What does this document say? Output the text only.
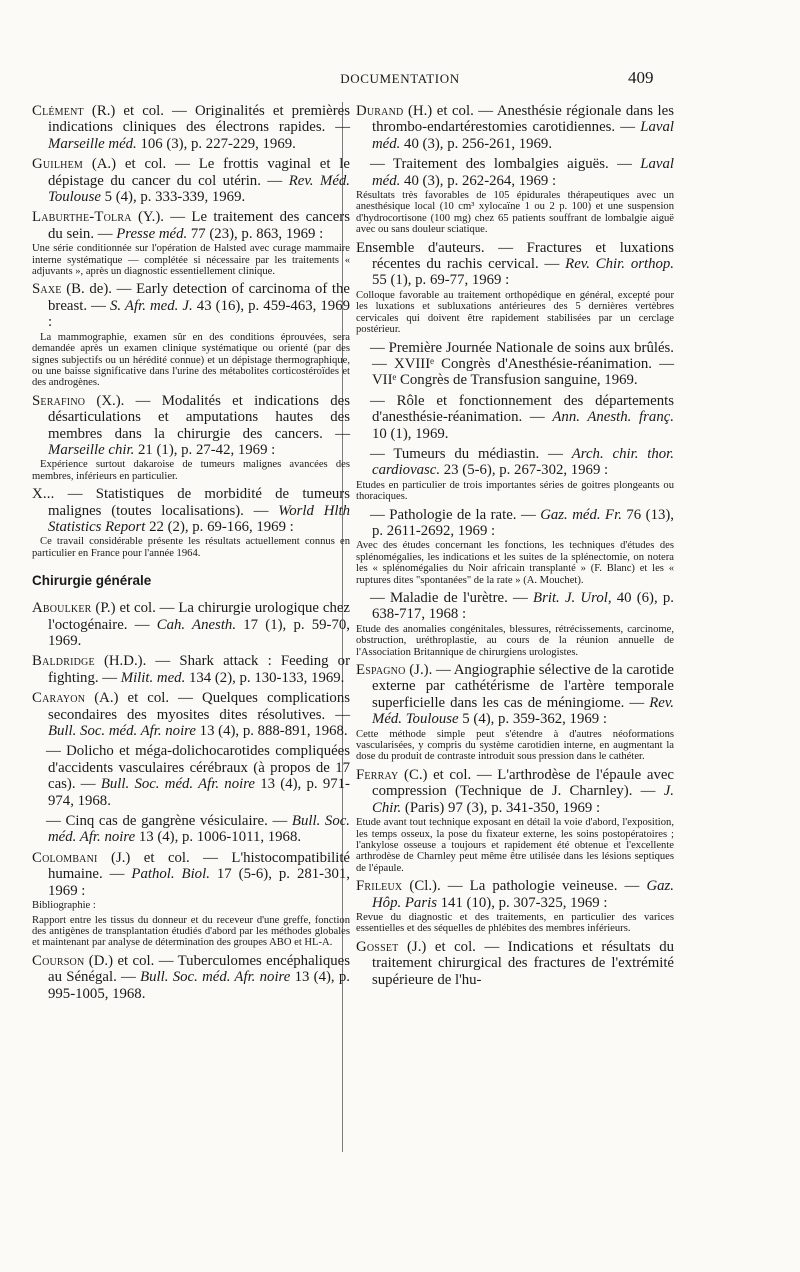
DOCUMENTATION	409
Clément (R.) et col. — Originalités et premières indications cliniques des électrons rapides. — Marseille méd. 106 (3), p. 227-229, 1969.
Guilhem (A.) et col. — Le frottis vaginal et le dépistage du cancer du col utérin. — Rev. Méd. Toulouse 5 (4), p. 333-339, 1969.
Laburthe-Tolra (Y.). — Le traitement des cancers du sein. — Presse méd. 77 (23), p. 863, 1969 :
Une série conditionnée sur l'opération de Halsted avec curage mammaire interne systématique — complétée si nécessaire par les traitements « adjuvants », après un diagnostic essentiellement clinique.
Saxe (B. de). — Early detection of carcinoma of the breast. — S. Afr. med. J. 43 (16), p. 459-463, 1969 :
La mammographie, examen sûr en des conditions éprouvées, sera demandée après un examen clinique systématique ou orienté (par des signes subjectifs ou un hérédité connue) et un dépistage thermographique, ou une baisse significative dans l'urine des métabolites corticostéroïdes et des androgènes.
Serafino (X.). — Modalités et indications des désarticulations et amputations hautes des membres dans la chirurgie des cancers. — Marseille chir. 21 (1), p. 27-42, 1969 :
Expérience surtout dakaroise de tumeurs malignes avancées des membres, inférieurs en particulier.
X... — Statistiques de morbidité de tumeurs malignes (toutes localisations). — World Hlth Statistics Report 22 (2), p. 69-166, 1969 :
Ce travail considérable présente les résultats actuellement connus en particulier en France pour l'année 1964.
Chirurgie générale
Aboulker (P.) et col. — La chirurgie urologique chez l'octogénaire. — Cah. Anesth. 17 (1), p. 59-70, 1969.
Baldridge (H.D.). — Shark attack : Feeding or fighting. — Milit. med. 134 (2), p. 130-133, 1969.
Carayon (A.) et col. — Quelques complications secondaires des myosites dites résolutives. — Bull. Soc. méd. Afr. noire 13 (4), p. 888-891, 1968.
— Dolicho et méga-dolichocarotides compliquées d'accidents vasculaires cérébraux (à propos de 17 cas). — Bull. Soc. méd. Afr. noire 13 (4), p. 971-974, 1968.
— Cinq cas de gangrène vésiculaire. — Bull. Soc. méd. Afr. noire 13 (4), p. 1006-1011, 1968.
Colombani (J.) et col. — L'histocompatibilité humaine. — Pathol. Biol. 17 (5-6), p. 281-301, 1969 :
Bibliographie :
Rapport entre les tissus du donneur et du receveur d'une greffe, fonction des antigènes de transplantation étudiés d'abord par les méthodes globales et maintenant par analyse de détermination des groupes ABO et HL-A.
Courson (D.) et col. — Tuberculomes encéphaliques au Sénégal. — Bull. Soc. méd. Afr. noire 13 (4), p. 995-1005, 1968.
Durand (H.) et col. — Anesthésie régionale dans les thrombo-endartérestomies carotidiennes. — Laval méd. 40 (3), p. 256-261, 1969.
— Traitement des lombalgies aiguës. — Laval méd. 40 (3), p. 262-264, 1969 :
Résultats très favorables de 105 épidurales thérapeutiques avec un anesthésique local (10 cm³ xylocaïne 1 ou 2 p. 100) et une suspension d'hydrocortisone (100 mg) chez 65 patients souffrant de lombalgie aiguë avec ou sans douleur sciatique.
Ensemble d'auteurs. — Fractures et luxations récentes du rachis cervical. — Rev. Chir. orthop. 55 (1), p. 69-77, 1969 :
Colloque favorable au traitement orthopédique en général, excepté pour les luxations et subluxations antérieures des 5 dernières vertèbres cervicales qui doivent être rapidement stabilisées par un cerclage postérieur.
— Première Journée Nationale de soins aux brûlés. — XVIIIᵉ Congrès d'Anesthésie-réanimation. — VIIᵉ Congrès de Transfusion sanguine, 1969.
— Rôle et fonctionnement des départements d'anesthésie-réanimation. — Ann. Anesth. franç. 10 (1), 1969.
— Tumeurs du médiastin. — Arch. chir. thor. cardiovasc. 23 (5-6), p. 267-302, 1969 :
Etudes en particulier de trois importantes séries de goitres plongeants ou thoraciques.
— Pathologie de la rate. — Gaz. méd. Fr. 76 (13), p. 2611-2692, 1969 :
Avec des études concernant les fonctions, les techniques d'études des splénomégalies, les indications et les suites de la splénectomie, on notera les « splénomégalies du Noir africain transplanté » (F. Blanc) et les « ruptures dites "spontanées" de la rate » (A. Mouchet).
— Maladie de l'urètre. — Brit. J. Urol, 40 (6), p. 638-717, 1968 :
Etude des anomalies congénitales, blessures, rétrécissements, carcinome, obstruction, uréthroplastie, au cours de la réunion annuelle de l'Association Britannique de chirurgiens urologistes.
Espagno (J.). — Angiographie sélective de la carotide externe par cathétérisme de l'artère temporale superficielle dans les cas de méningiome. — Rev. Méd. Toulouse 5 (4), p. 359-362, 1969 :
Cette méthode simple peut s'étendre à d'autres néoformations vascularisées, y compris du système carotidien interne, en augmentant la dose du produit de contraste introduit sous pression dans le cathéter.
Ferray (C.) et col. — L'arthrodèse de l'épaule avec compression (Technique de J. Charnley). — J. Chir. (Paris) 97 (3), p. 341-350, 1969 :
Etude avant tout technique exposant en détail la voie d'abord, l'exposition, les temps osseux, la pose du fixateur externe, les soins postopératoires ; l'ankylose osseuse a toujours et rapidement été obtenue et l'excellente arthrodèse de Charnley peut même être utilisée dans les lésions septiques de l'épaule.
Frileux (Cl.). — La pathologie veineuse. — Gaz. Hôp. Paris 141 (10), p. 307-325, 1969 :
Revue du diagnostic et des traitements, en particulier des varices essentielles et des séquelles de phlébites des membres inférieurs.
Gosset (J.) et col. — Indications et résultats du traitement chirurgical des fractures de l'extrémité supérieure de l'hu-
